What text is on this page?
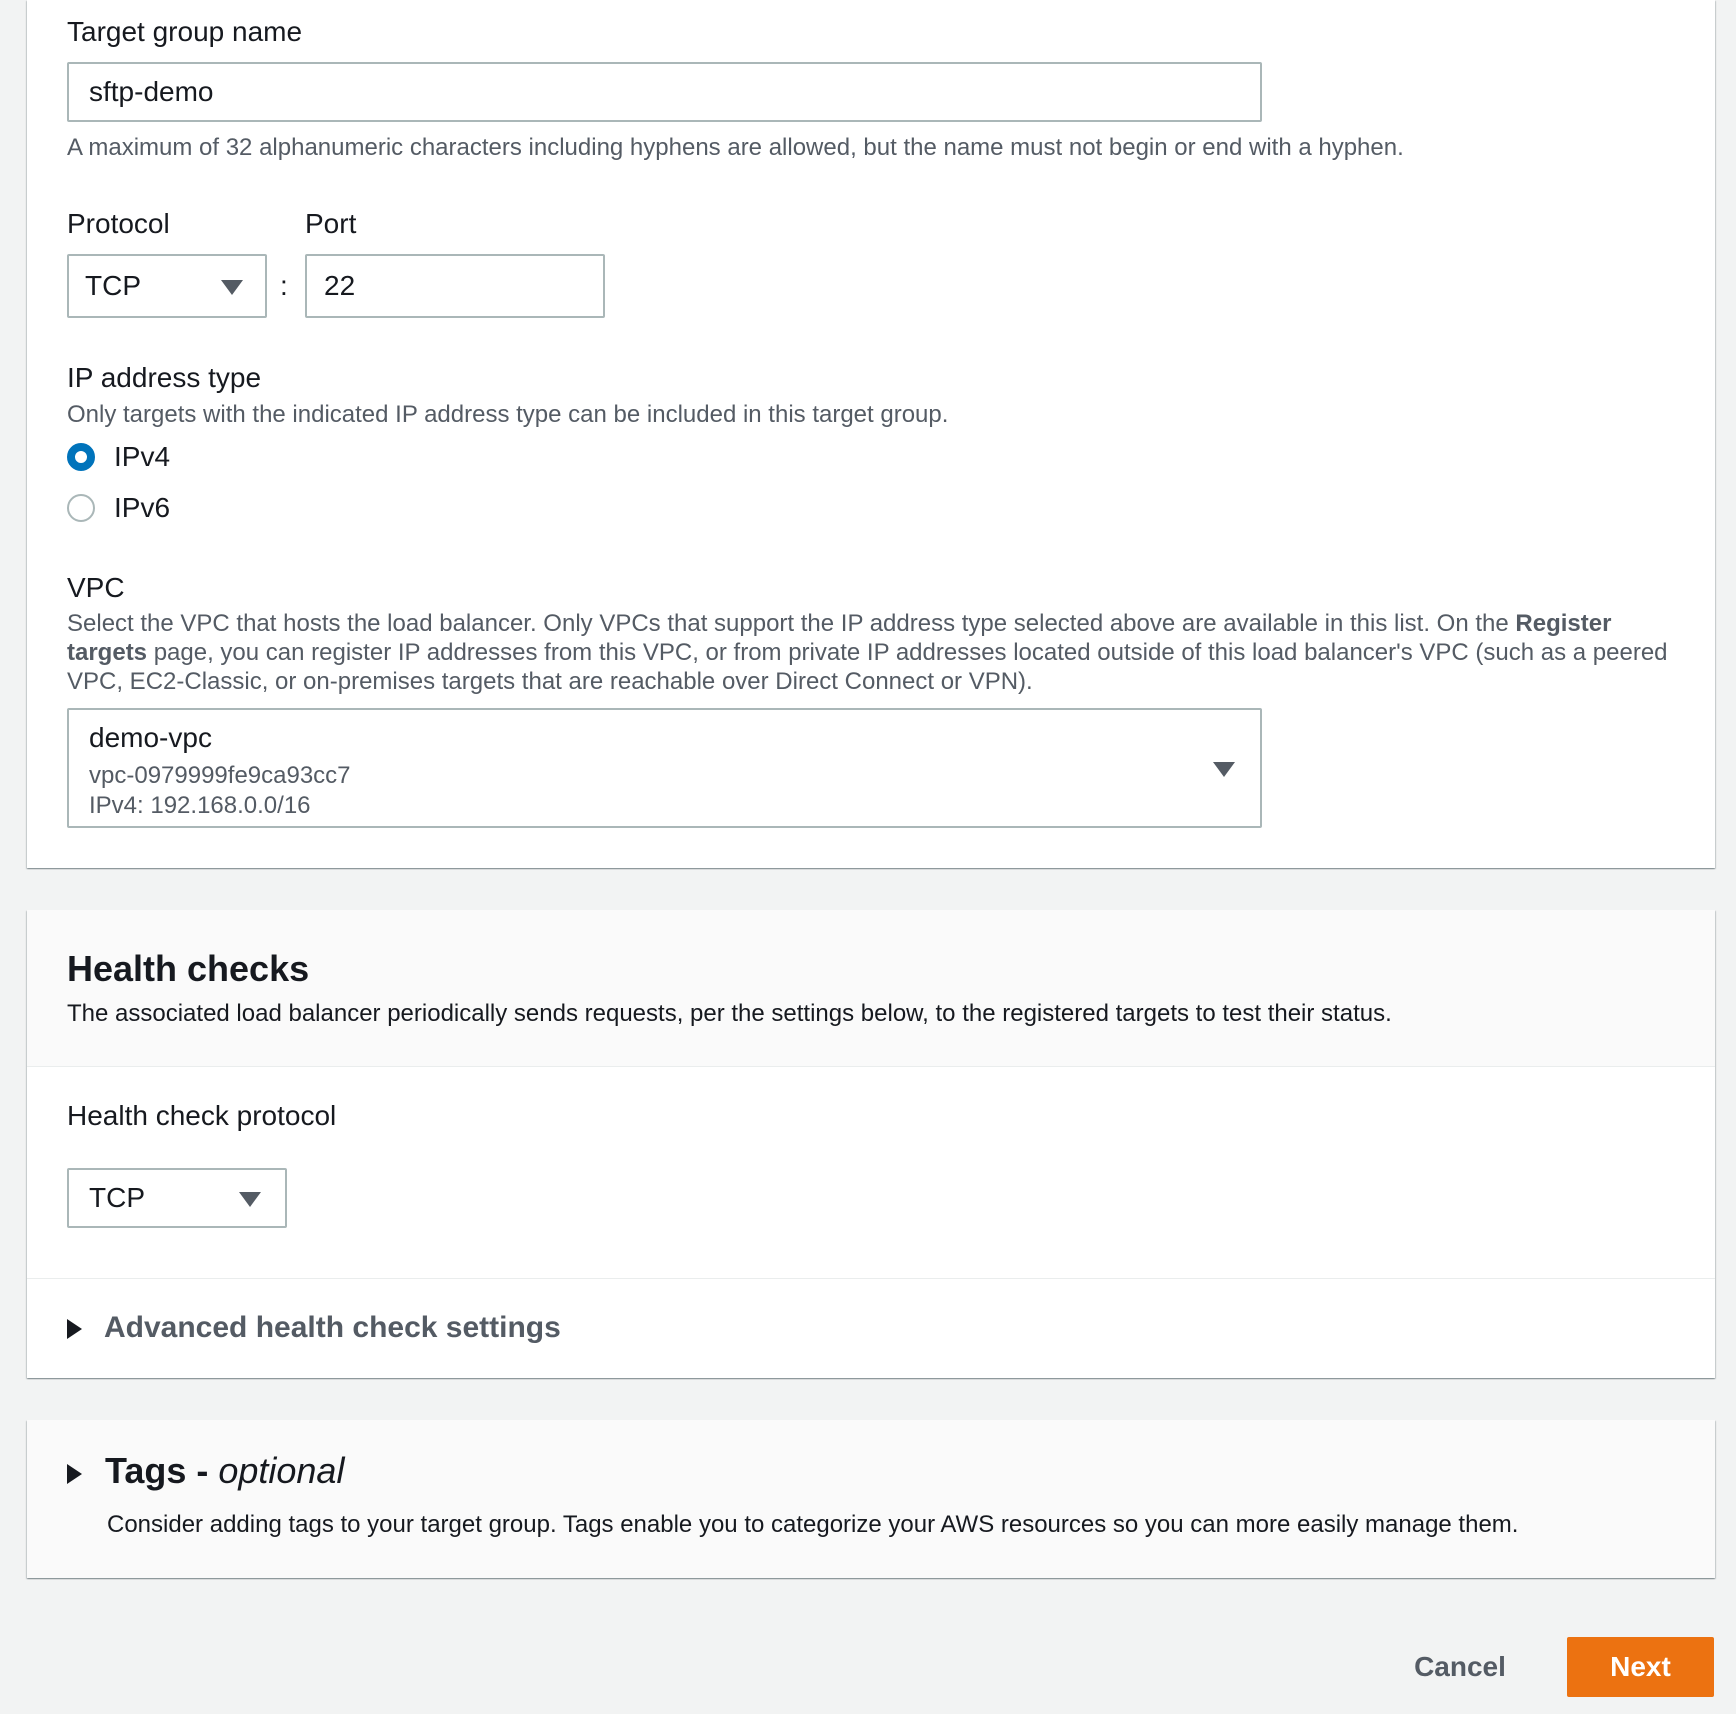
Target group name
sftp-demo
A maximum of 32 alphanumeric characters including hyphens are allowed, but the name must not begin or end with a hyphen.
Protocol	Port
TCP	: 22
IP address type
Only targets with the indicated IP address type can be included in this target group.
IPv4
IPv6
VPC
Select the VPC that hosts the load balancer. Only VPCs that support the IP address type selected above are available in this list. On the Register
targets page, you can register IP addresses from this VPC, or from private IP addresses located outside of this load balancer's VPC (such as a peered
VPC, EC2-Classic, or on-premises targets that are reachable over Direct Connect or VPN).
demo-vpc
vpc-0979999fe9ca93cc7
IPv4: 192.168.0.0/16
Health checks
The associated load balancer periodically sends requests, per the settings below, to the registered targets to test their status.
Health check protocol
TCP
Advanced health check settings
Tags - optional
Consider adding tags to your target group. Tags enable you to categorize your AWS resources so you can more easily manage them.
Cancel	Next
